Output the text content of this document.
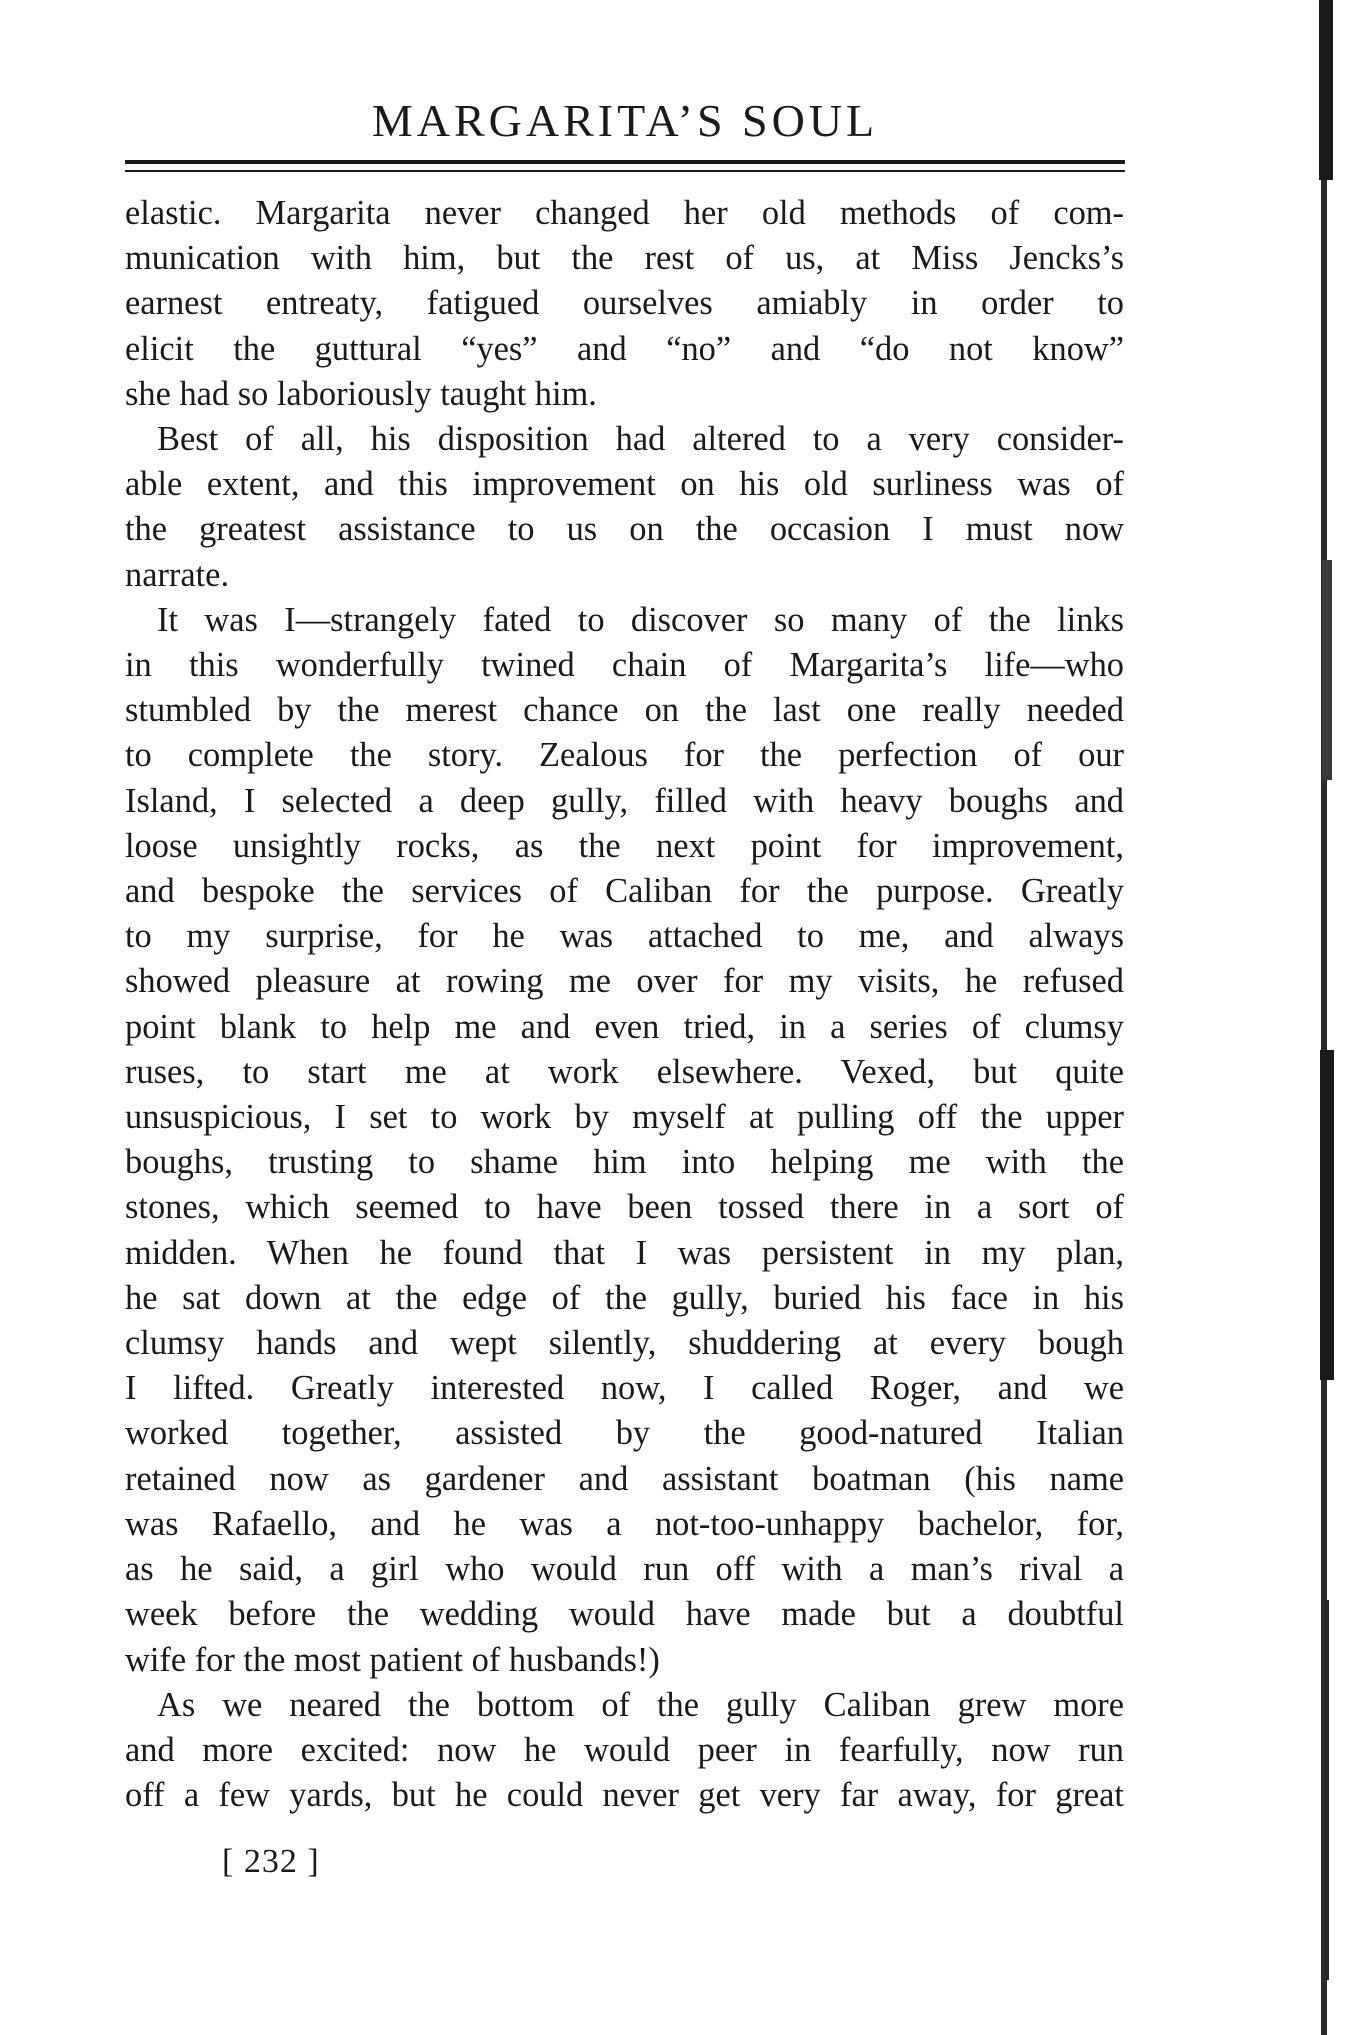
MARGARITA’S SOUL
elastic. Margarita never changed her old methods of com-
munication with him, but the rest of us, at Miss Jencks’s
earnest entreaty, fatigued ourselves amiably in order to
elicit the guttural “yes” and “no” and “do not know”
she had so laboriously taught him.
Best of all, his disposition had altered to a very consider-
able extent, and this improvement on his old surliness was of
the greatest assistance to us on the occasion I must now
narrate.
It was I—strangely fated to discover so many of the links
in this wonderfully twined chain of Margarita’s life—who
stumbled by the merest chance on the last one really needed
to complete the story. Zealous for the perfection of our
Island, I selected a deep gully, filled with heavy boughs and
loose unsightly rocks, as the next point for improvement,
and bespoke the services of Caliban for the purpose. Greatly
to my surprise, for he was attached to me, and always
showed pleasure at rowing me over for my visits, he refused
point blank to help me and even tried, in a series of clumsy
ruses, to start me at work elsewhere. Vexed, but quite
unsuspicious, I set to work by myself at pulling off the upper
boughs, trusting to shame him into helping me with the
stones, which seemed to have been tossed there in a sort of
midden. When he found that I was persistent in my plan,
he sat down at the edge of the gully, buried his face in his
clumsy hands and wept silently, shuddering at every bough
I lifted. Greatly interested now, I called Roger, and we
worked together, assisted by the good-natured Italian
retained now as gardener and assistant boatman (his name
was Rafaello, and he was a not-too-unhappy bachelor, for,
as he said, a girl who would run off with a man’s rival a
week before the wedding would have made but a doubtful
wife for the most patient of husbands!)
As we neared the bottom of the gully Caliban grew more
and more excited: now he would peer in fearfully, now run
off a few yards, but he could never get very far away, for great
[ 232 ]
